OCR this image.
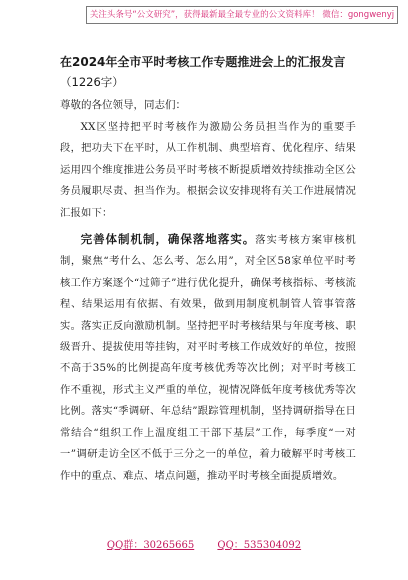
关注头条号“公文研究”，获得最新最全最专业的公文资料库！ 微信：gongwenyj
在2024年全市平时考核工作专题推进会上的汇报发言

（1226字）

尊敬的各位领导，同志们：

XX区坚持把平时考核作为激励公务员担当作为的重要手段，把功夫下在平时，从工作机制、典型培育、优化程序、结果运用四个维度推进公务员平时考核不断提质增效持续推动全区公务员履职尽责、担当作为。根据会议安排现将有关工作进展情况汇报如下：

完善体制机制，确保落地落实。落实考核方案审核机制，聚焦“考什么、怎么考、怎么用”，对全区58家单位平时考核工作方案逐个“过筛子”进行优化提升，确保考核指标、考核流程、结果运用有依据、有效果，做到用制度机制管人管事管落实。落实正反向激励机制。坚持把平时考核结果与年度考核、职级晋升、提拔使用等挂钩，对平时考核工作成效好的单位，按照不高于35%的比例提高年度考核优秀等次比例；对平时考核工作不重视，形式主义严重的单位，视情况降低年度考核优秀等次比例。落实“季调研、年总结”跟踪管理机制，坚持调研指导在日常结合“组织工作上温度组工干部下基层”工作，每季度“一对一”调研走访全区不低于三分之一的单位，着力破解平时考核工作中的重点、难点、堵点问题，推动平时考核全面提质增效。

QQ群：30265665 QQ：535304092
